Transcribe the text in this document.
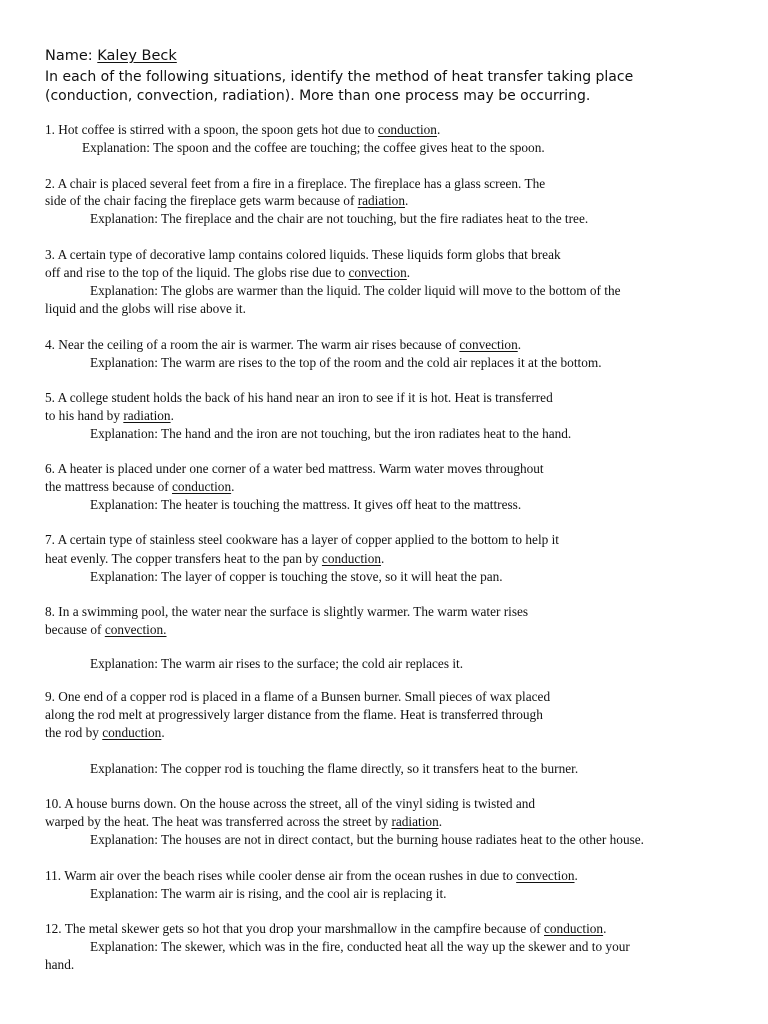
Name: Kaley Beck
In each of the following situations, identify the method of heat transfer taking place
(conduction, convection, radiation). More than one process may be occurring.
1. Hot coffee is stirred with a spoon, the spoon gets hot due to conduction.
Explanation: The spoon and the coffee are touching; the coffee gives heat to the spoon.
2. A chair is placed several feet from a fire in a fireplace. The fireplace has a glass screen. The
side of the chair facing the fireplace gets warm because of radiation.
Explanation: The fireplace and the chair are not touching, but the fire radiates heat to the tree.
3. A certain type of decorative lamp contains colored liquids. These liquids form globs that break
off and rise to the top of the liquid. The globs rise due to convection.
Explanation: The globs are warmer than the liquid. The colder liquid will move to the bottom of the
liquid and the globs will rise above it.
4. Near the ceiling of a room the air is warmer. The warm air rises because of convection.
Explanation: The warm are rises to the top of the room and the cold air replaces it at the bottom.
5. A college student holds the back of his hand near an iron to see if it is hot. Heat is transferred
to his hand by radiation.
Explanation: The hand and the iron are not touching, but the iron radiates heat to the hand.
6. A heater is placed under one corner of a water bed mattress. Warm water moves throughout
the mattress because of conduction.
Explanation: The heater is touching the mattress. It gives off heat to the mattress.
7. A certain type of stainless steel cookware has a layer of copper applied to the bottom to help it
heat evenly. The copper transfers heat to the pan by conduction.
Explanation: The layer of copper is touching the stove, so it will heat the pan.
8. In a swimming pool, the water near the surface is slightly warmer. The warm water rises
because of convection.
Explanation: The warm air rises to the surface; the cold air replaces it.
9. One end of a copper rod is placed in a flame of a Bunsen burner. Small pieces of wax placed
along the rod melt at progressively larger distance from the flame. Heat is transferred through
the rod by conduction.
Explanation: The copper rod is touching the flame directly, so it transfers heat to the burner.
10. A house burns down. On the house across the street, all of the vinyl siding is twisted and
warped by the heat. The heat was transferred across the street by radiation.
Explanation: The houses are not in direct contact, but the burning house radiates heat to the other house.
11. Warm air over the beach rises while cooler dense air from the ocean rushes in due to convection.
Explanation: The warm air is rising, and the cool air is replacing it.
12. The metal skewer gets so hot that you drop your marshmallow in the campfire because of conduction.
Explanation: The skewer, which was in the fire, conducted heat all the way up the skewer and to your
hand.
